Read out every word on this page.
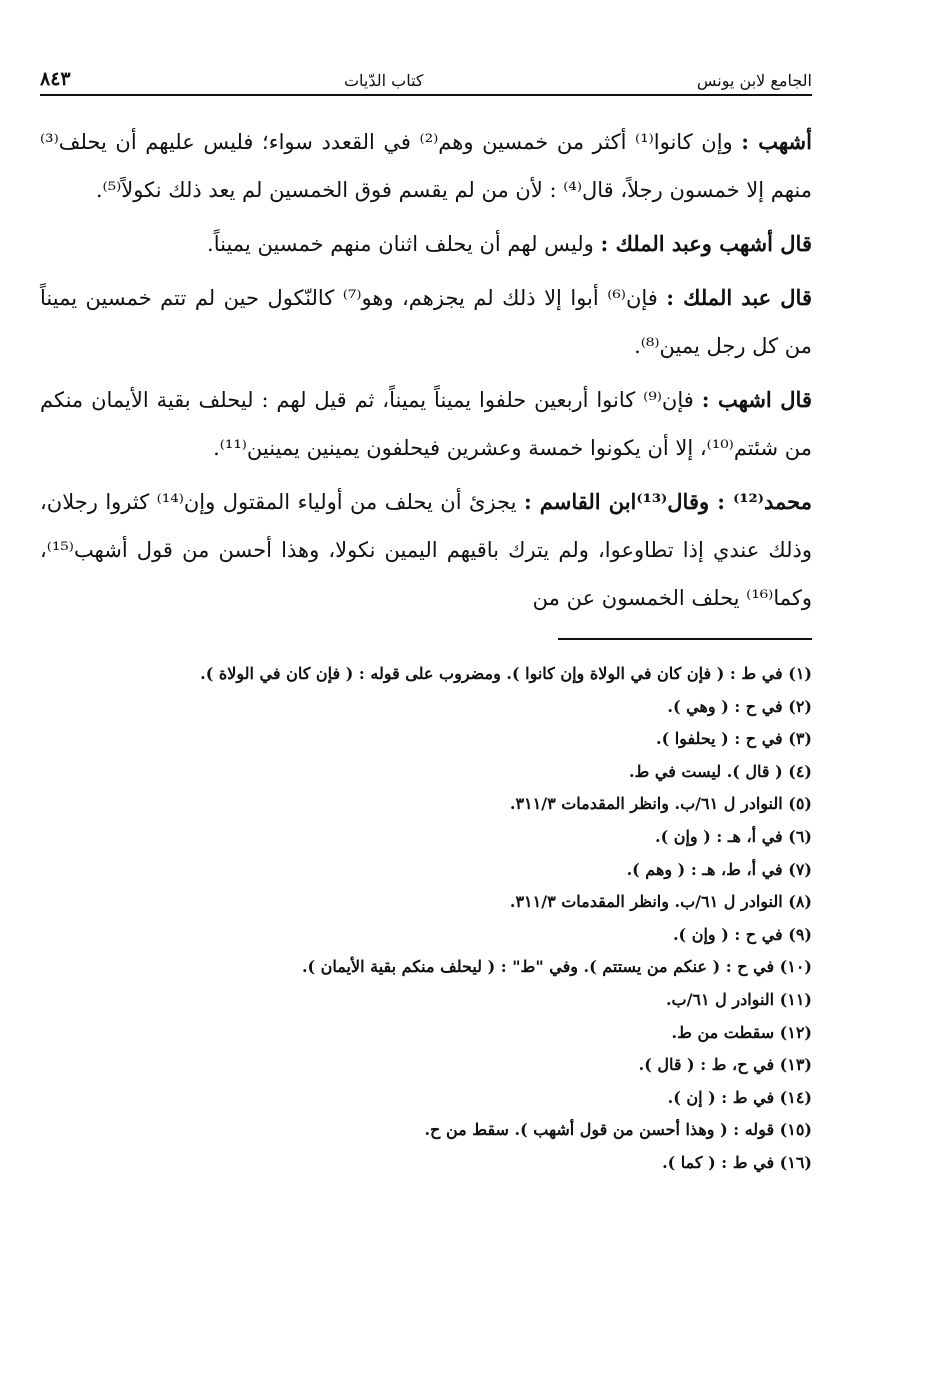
الجامع لابن يونس
كتاب الدّيات
٨٤٣

أشهب : وإن كانوا⁽¹⁾ أكثر من خمسين وهم⁽²⁾ في القعدد سواء؛ فليس عليهم أن يحلف⁽³⁾ منهم إلا خمسون رجلاً، قال⁽⁴⁾ : لأن من لم يقسم فوق الخمسين لم يعد ذلك نكولاً⁽⁵⁾.

قال أشهب وعبد الملك : وليس لهم أن يحلف اثنان منهم خمسين يميناً.

قال عبد الملك : فإن⁽⁶⁾ أبوا إلا ذلك لم يجزهم، وهو⁽⁷⁾ كالنّكول حين لم تتم خمسين يميناً من كل رجل يمين⁽⁸⁾.

قال اشهب : فإن⁽⁹⁾ كانوا أربعين حلفوا يميناً يميناً، ثم قيل لهم : ليحلف بقية الأيمان منكم من شئتم⁽¹⁰⁾، إلا أن يكونوا خمسة وعشرين فيحلفون يمينين يمينين⁽¹¹⁾.

محمد⁽¹²⁾ : وقال⁽¹³⁾ابن القاسم : يجزئ أن يحلف من أولياء المقتول وإن⁽¹⁴⁾ كثروا رجلان، وذلك عندي إذا تطاوعوا، ولم يترك باقيهم اليمين نكولا، وهذا أحسن من قول أشهب⁽¹⁵⁾، وكما⁽¹⁶⁾ يحلف الخمسون عن من

(١) في ط : ( فإن كان في الولاة وإن كانوا ). ومضروب على قوله : ( فإن كان في الولاة ).
(٢) في ح : ( وهي ).
(٣) في ح : ( يحلفوا ).
(٤) ( قال ). ليست في ط.
(٥) النوادر ل ٦١/ب. وانظر المقدمات ٣١١/٣.
(٦) في أ، هـ : ( وإن ).
(٧) في أ، ط، هـ : ( وهم ).
(٨) النوادر ل ٦١/ب. وانظر المقدمات ٣١١/٣.
(٩) في ح : ( وإن ).
(١٠) في ح : ( عنكم من يستتم ). وفي "ط" : ( ليحلف منكم بقية الأيمان ).
(١١) النوادر ل ٦١/ب.
(١٢) سقطت من ط.
(١٣) في ح، ط : ( قال ).
(١٤) في ط : ( إن ).
(١٥) قوله : ( وهذا أحسن من قول أشهب ). سقط من ح.
(١٦) في ط : ( كما ).
